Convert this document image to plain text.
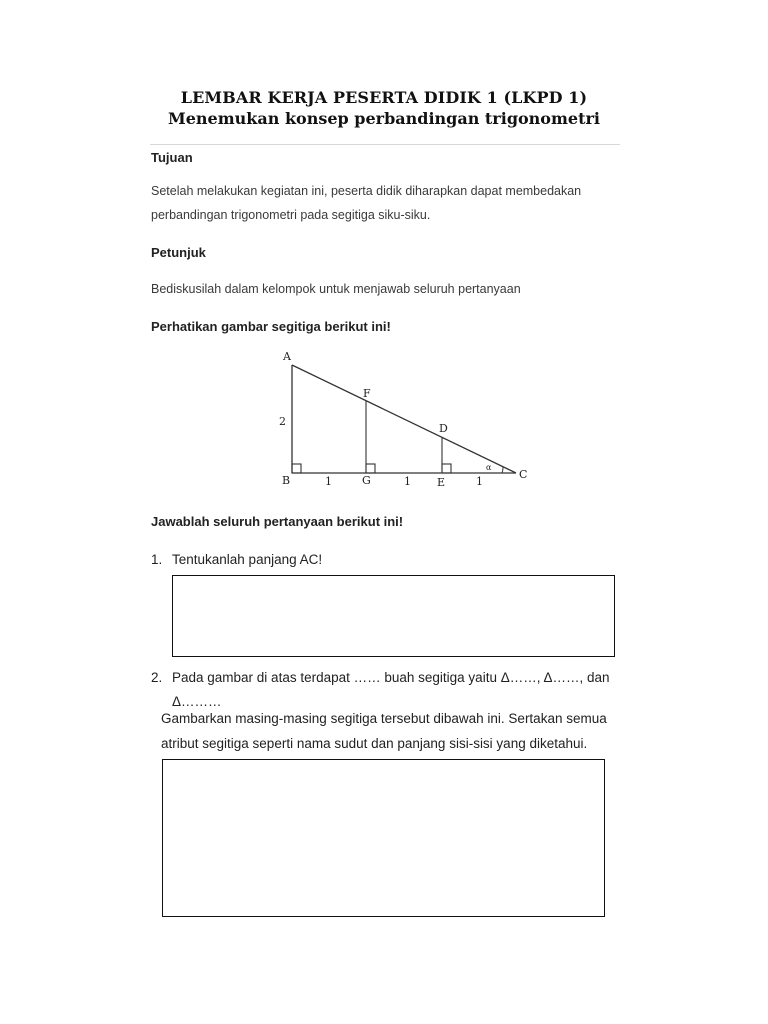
LEMBAR KERJA PESERTA DIDIK 1 (LKPD 1)
Menemukan konsep perbandingan trigonometri
Tujuan
Setelah melakukan kegiatan ini, peserta didik diharapkan dapat membedakan
perbandingan trigonometri pada segitiga siku-siku.
Petunjuk
Bediskusilah dalam kelompok untuk menjawab seluruh pertanyaan
Perhatikan gambar segitiga berikut ini!
A
B	C
D
E
F
G
2
1	1	1
α
Jawablah seluruh pertanyaan berikut ini!
1. Tentukanlah panjang AC!
2. Pada gambar di atas terdapat …… buah segitiga yaitu Δ……, Δ……, dan
Δ………
Gambarkan masing-masing segitiga tersebut dibawah ini. Sertakan semua
atribut segitiga seperti nama sudut dan panjang sisi-sisi yang diketahui.
